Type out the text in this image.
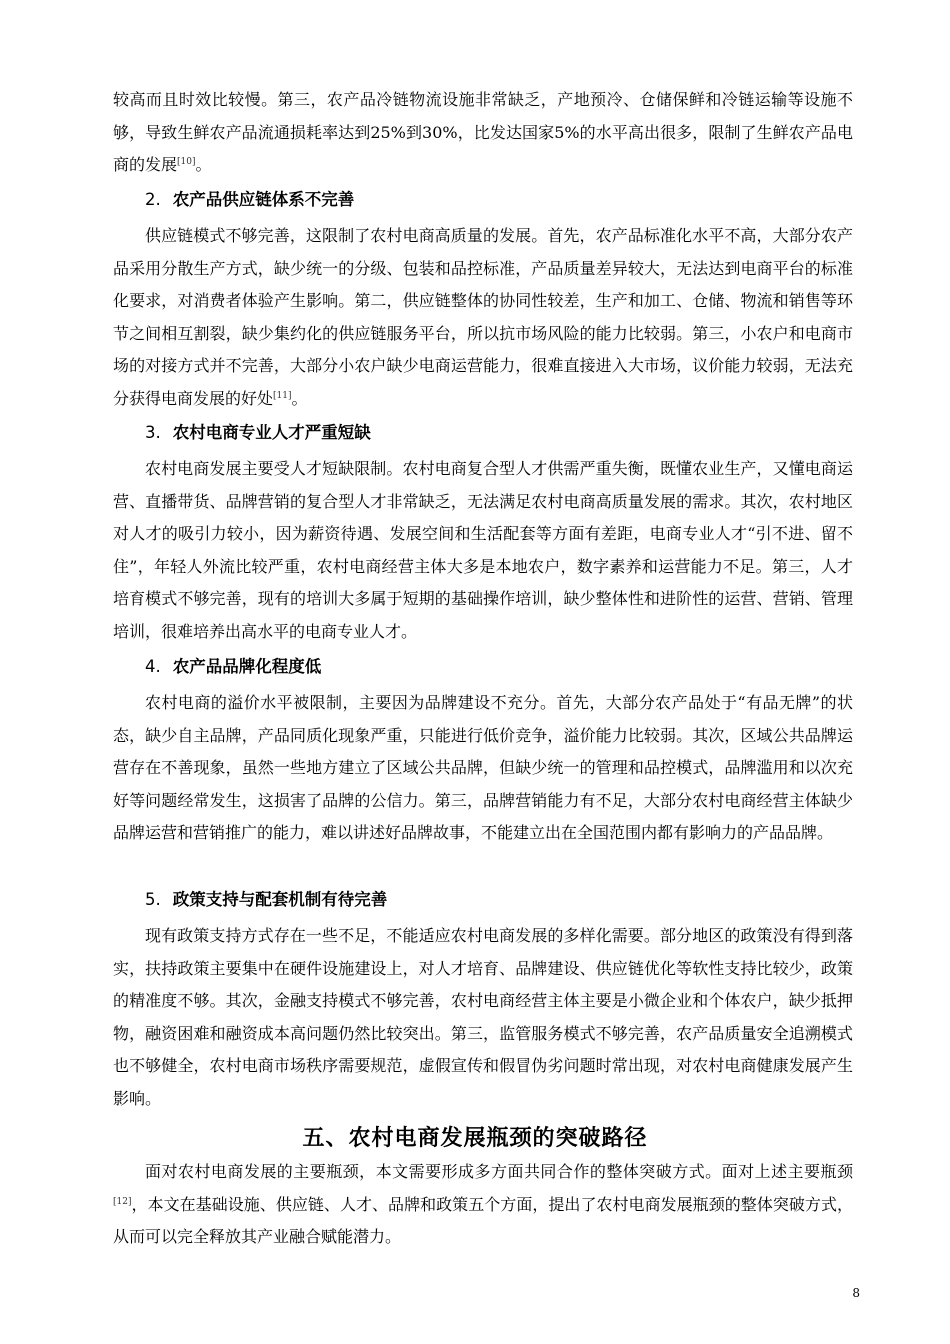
较高而且时效比较慢。第三，农产品冷链物流设施非常缺乏，产地预冷、仓储保鲜和冷链运输等设施不够，导致生鲜农产品流通损耗率达到25%到30%，比发达国家5%的水平高出很多，限制了生鲜农产品电商的发展[10]。

2. 农产品供应链体系不完善

供应链模式不够完善，这限制了农村电商高质量的发展。首先，农产品标准化水平不高，大部分农产品采用分散生产方式，缺少统一的分级、包装和品控标准，产品质量差异较大，无法达到电商平台的标准化要求，对消费者体验产生影响。第二，供应链整体的协同性较差，生产和加工、仓储、物流和销售等环节之间相互割裂，缺少集约化的供应链服务平台，所以抗市场风险的能力比较弱。第三，小农户和电商市场的对接方式并不完善，大部分小农户缺少电商运营能力，很难直接进入大市场，议价能力较弱，无法充分获得电商发展的好处[11]。

3. 农村电商专业人才严重短缺

农村电商发展主要受人才短缺限制。农村电商复合型人才供需严重失衡，既懂农业生产，又懂电商运营、直播带货、品牌营销的复合型人才非常缺乏，无法满足农村电商高质量发展的需求。其次，农村地区对人才的吸引力较小，因为薪资待遇、发展空间和生活配套等方面有差距，电商专业人才“引不进、留不住”，年轻人外流比较严重，农村电商经营主体大多是本地农户，数字素养和运营能力不足。第三，人才培育模式不够完善，现有的培训大多属于短期的基础操作培训，缺少整体性和进阶性的运营、营销、管理培训，很难培养出高水平的电商专业人才。

4. 农产品品牌化程度低

农村电商的溢价水平被限制，主要因为品牌建设不充分。首先，大部分农产品处于“有品无牌”的状态，缺少自主品牌，产品同质化现象严重，只能进行低价竞争，溢价能力比较弱。其次，区域公共品牌运营存在不善现象，虽然一些地方建立了区域公共品牌，但缺少统一的管理和品控模式，品牌滥用和以次充好等问题经常发生，这损害了品牌的公信力。第三，品牌营销能力有不足，大部分农村电商经营主体缺少品牌运营和营销推广的能力，难以讲述好品牌故事，不能建立出在全国范围内都有影响力的产品品牌。

5. 政策支持与配套机制有待完善

现有政策支持方式存在一些不足，不能适应农村电商发展的多样化需要。部分地区的政策没有得到落实，扶持政策主要集中在硬件设施建设上，对人才培育、品牌建设、供应链优化等软性支持比较少，政策的精准度不够。其次，金融支持模式不够完善，农村电商经营主体主要是小微企业和个体农户，缺少抵押物，融资困难和融资成本高问题仍然比较突出。第三，监管服务模式不够完善，农产品质量安全追溯模式也不够健全，农村电商市场秩序需要规范，虚假宣传和假冒伪劣问题时常出现，对农村电商健康发展产生影响。

五、农村电商发展瓶颈的突破路径

面对农村电商发展的主要瓶颈，本文需要形成多方面共同合作的整体突破方式。面对上述主要瓶颈[12]，本文在基础设施、供应链、人才、品牌和政策五个方面，提出了农村电商发展瓶颈的整体突破方式，从而可以完全释放其产业融合赋能潜力。

8
